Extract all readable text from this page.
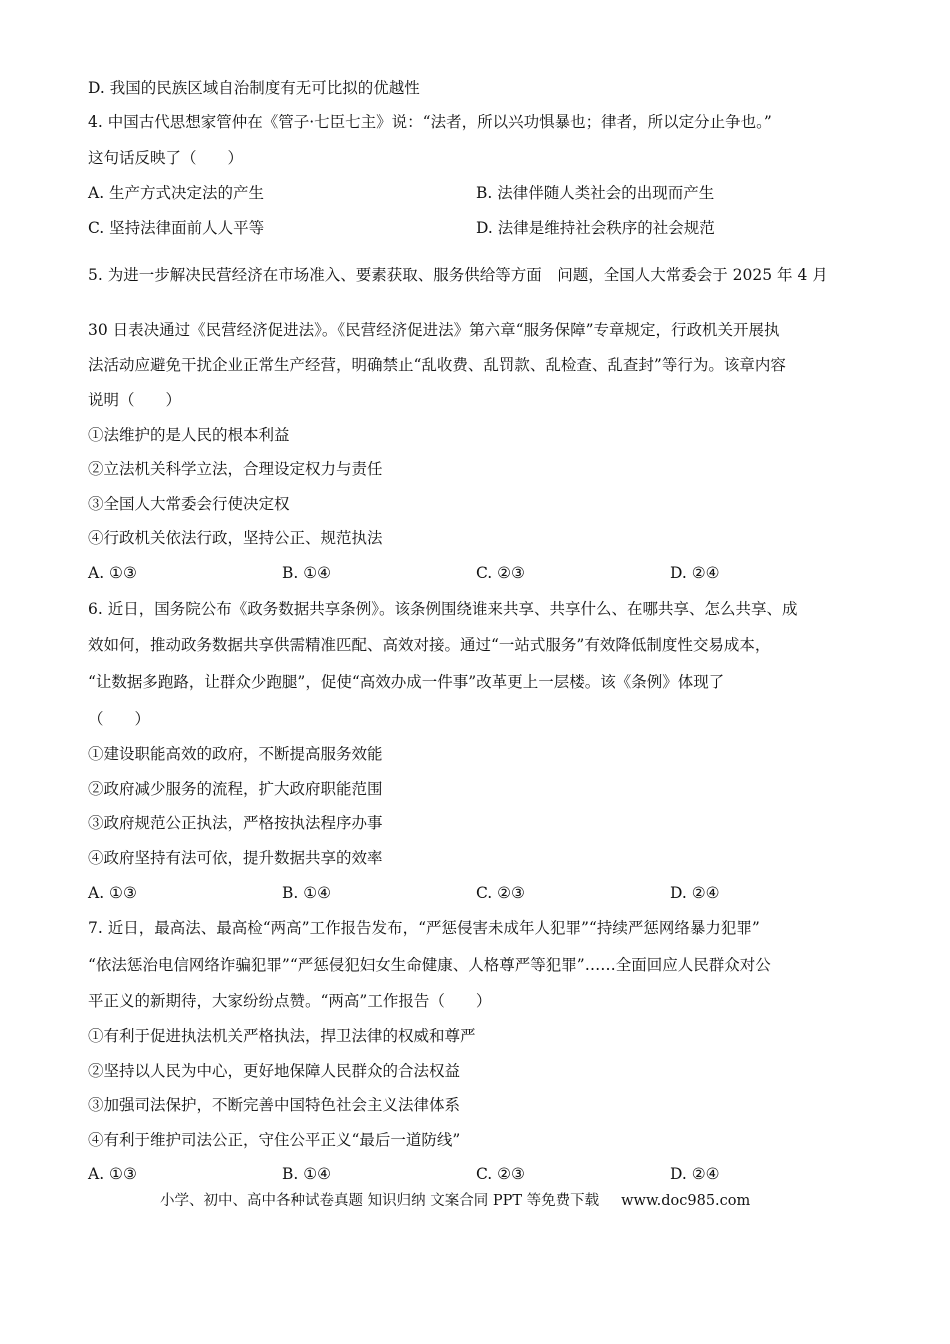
D. 我国的民族区域自治制度有无可比拟的优越性
4. 中国古代思想家管仲在《管子·七臣七主》说：“法者，所以兴功惧暴也；律者，所以定分止争也。”
这句话反映了（　　）
A. 生产方式决定法的产生	B. 法律伴随人类社会的出现而产生
C. 坚持法律面前人人平等	D. 法律是维持社会秩序的社会规范
5. 为进一步解决民营经济在市场准入、要素获取、服务供给等方面　问题，全国人大常委会于 2025 年 4 月
30 日表决通过《民营经济促进法》。《民营经济促进法》第六章“服务保障”专章规定，行政机关开展执
法活动应避免干扰企业正常生产经营，明确禁止“乱收费、乱罚款、乱检查、乱查封”等行为。该章内容
说明（　　）
①法维护的是人民的根本利益
②立法机关科学立法，合理设定权力与责任
③全国人大常委会行使决定权
④行政机关依法行政，坚持公正、规范执法
A. ①③	B. ①④	C. ②③	D. ②④
6. 近日，国务院公布《政务数据共享条例》。该条例围绕谁来共享、共享什么、在哪共享、怎么共享、成
效如何，推动政务数据共享供需精准匹配、高效对接。通过“一站式服务”有效降低制度性交易成本，
“让数据多跑路，让群众少跑腿”，促使“高效办成一件事”改革更上一层楼。该《条例》体现了
（　　）
①建设职能高效的政府，不断提高服务效能
②政府减少服务的流程，扩大政府职能范围
③政府规范公正执法，严格按执法程序办事
④政府坚持有法可依，提升数据共享的效率
A. ①③	B. ①④	C. ②③	D. ②④
7. 近日，最高法、最高检“两高”工作报告发布，“严惩侵害未成年人犯罪”“持续严惩网络暴力犯罪”
“依法惩治电信网络诈骗犯罪”“严惩侵犯妇女生命健康、人格尊严等犯罪”……全面回应人民群众对公
平正义的新期待，大家纷纷点赞。“两高”工作报告（　　）
①有利于促进执法机关严格执法，捍卫法律的权威和尊严
②坚持以人民为中心，更好地保障人民群众的合法权益
③加强司法保护，不断完善中国特色社会主义法律体系
④有利于维护司法公正，守住公平正义“最后一道防线”
A. ①③	B. ①④	C. ②③	D. ②④
小学、初中、高中各种试卷真题 知识归纳 文案合同 PPT 等免费下载 www.doc985.com
